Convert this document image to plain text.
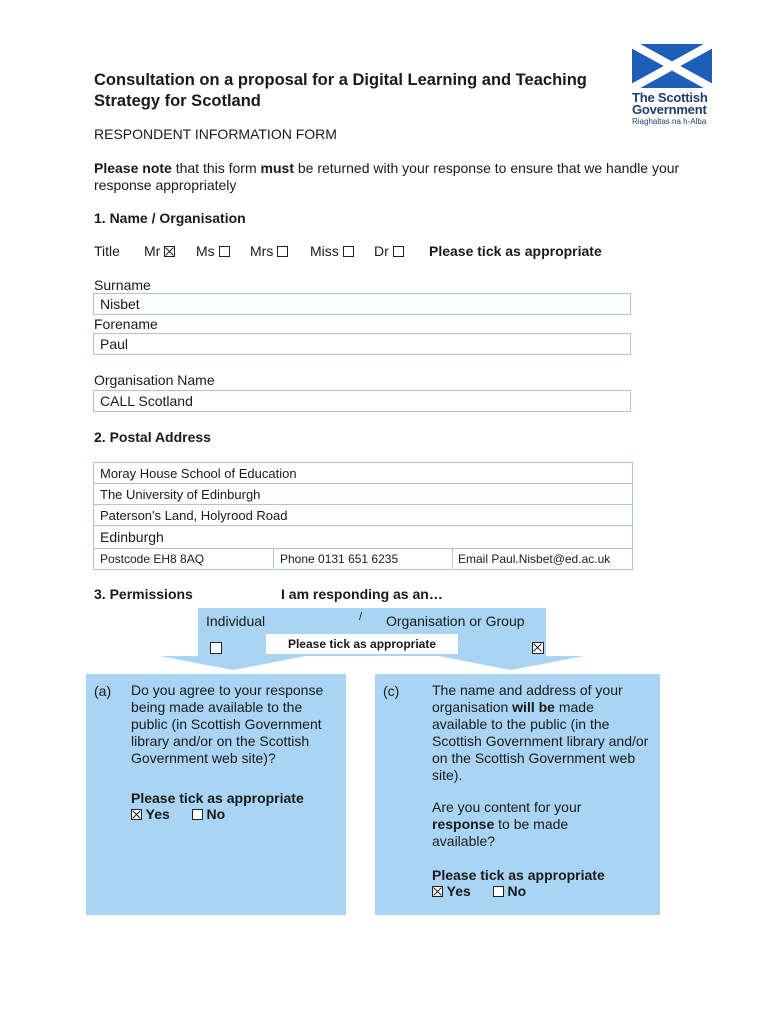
The Scottish
Government
Riaghaltas na h-Alba
Consultation on a proposal for a Digital Learning and Teaching Strategy for Scotland
RESPONDENT INFORMATION FORM
Please note that this form must be returned with your response to ensure that we handle your response appropriately
1. Name / Organisation
Title Mr	Ms	Mrs	Miss	Dr	Please tick as appropriate
Surname
Nisbet
Forename
Paul
Organisation Name
CALL Scotland
2. Postal Address
Moray House School of Education
The University of Edinburgh
Paterson's Land, Holyrood Road
Edinburgh
Postcode EH8 8AQ	Phone 0131 651 6235	Email Paul.Nisbet@ed.ac.uk
3. Permissions	I am responding as an…
Individual	/ Organisation or Group

Please tick as appropriate
(a) Do you agree to your response being made available to the public (in Scottish Government library and/or on the Scottish Government web site)?
Please tick as appropriate
Yes	No
(c) The name and address of your organisation will be made available to the public (in the Scottish Government library and/or on the Scottish Government web site).
Are you content for your response to be made available?
Please tick as appropriate
Yes	No
